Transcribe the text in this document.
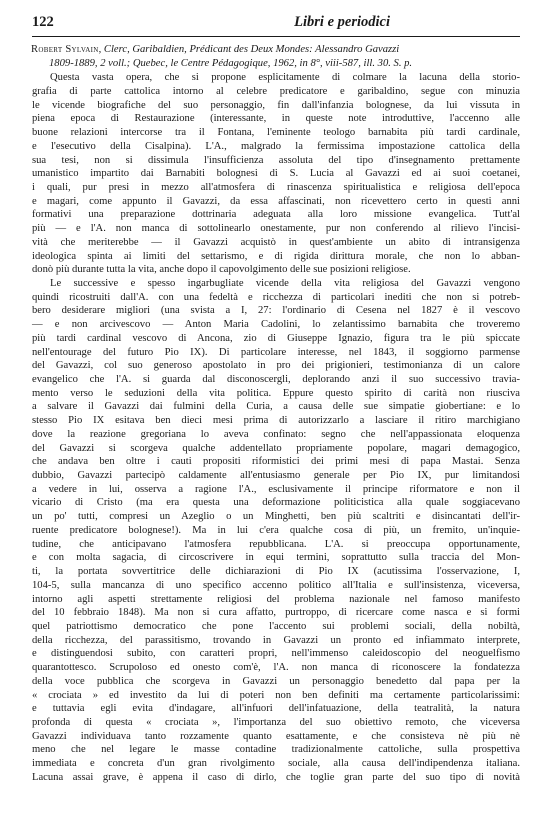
122	Libri e periodici

Robert Sylvain, Clerc, Garibaldien, Prédicant des Deux Mondes: Alessandro Gavazzi
1809-1889, 2 voll.; Quebec, le Centre Pédagogique, 1962, in 8°, viii-587, ill. 30. S. p.

Questa vasta opera, che si propone esplicitamente di colmare la lacuna della storio-
grafia di parte cattolica intorno al celebre predicatore e garibaldino, segue con minuzia
le vicende biografiche del suo personaggio, fin dall'infanzia bolognese, da lui vissuta in
piena epoca di Restaurazione (interessante, in queste note introduttive, l'accenno alle
buone relazioni intercorse tra il Fontana, l'eminente teologo barnabita più tardi cardinale,
e l'esecutivo della Cisalpina). L'A., malgrado la fermissima impostazione cattolica della
sua tesi, non si dissimula l'insufficienza assoluta del tipo d'insegnamento prettamente
umanistico impartito dai Barnabiti bolognesi di S. Lucia al Gavazzi ed ai suoi coetanei,
i quali, pur presi in mezzo all'atmosfera di rinascenza spiritualistica e religiosa dell'epoca
e magari, come appunto il Gavazzi, da essa affascinati, non ricevettero certo in questi anni
formativi una preparazione dottrinaria adeguata alla loro missione evangelica. Tutt'al
più — e l'A. non manca di sottolinearlo onestamente, pur non conferendo al rilievo l'incisi-
vità che meriterebbe — il Gavazzi acquistò in quest'ambiente un abito di intransigenza
ideologica spinta ai limiti del settarismo, e di rigida dirittura morale, che non lo abban-
donò più durante tutta la vita, anche dopo il capovolgimento delle sue posizioni religiose.
Le successive e spesso ingarbugliate vicende della vita religiosa del Gavazzi vengono
quindi ricostruiti dall'A. con una fedeltà e ricchezza di particolari inediti che non si potreb-
bero desiderare migliori (una svista a I, 27: l'ordinario di Cesena nel 1827 è il vescovo
— e non arcivescovo — Anton Maria Cadolini, lo zelantissimo barnabita che troveremo
più tardi cardinal vescovo di Ancona, zio di Giuseppe Ignazio, figura tra le più spiccate
nell'entourage del futuro Pio IX). Di particolare interesse, nel 1843, il soggiorno parmense
del Gavazzi, col suo generoso apostolato in pro dei prigionieri, testimonianza di un calore
evangelico che l'A. si guarda dal disconoscergli, deplorando anzi il suo successivo travia-
mento verso le seduzioni della vita politica. Eppure questo spirito di carità non riusciva
a salvare il Gavazzi dai fulmini della Curia, a causa delle sue simpatie giobertiane: e lo
stesso Pio IX esitava ben dieci mesi prima di autorizzarlo a lasciare il ritiro marchigiano
dove la reazione gregoriana lo aveva confinato: segno che nell'appassionata eloquenza
del Gavazzi si scorgeva qualche addentellato propriamente popolare, magari demagogico,
che andava ben oltre i cauti propositi riformistici dei primi mesi di papa Mastai. Senza
dubbio, Gavazzi partecipò caldamente all'entusiasmo generale per Pio IX, pur limitandosi
a vedere in lui, osserva a ragione l'A., esclusivamente il principe riformatore e non il
vicario di Cristo (ma era questa una deformazione politicistica alla quale soggiacevano
un po' tutti, compresi un Azeglio o un Minghetti, ben più scaltriti e disincantati dell'ir-
ruente predicatore bolognese!). Ma in lui c'era qualche cosa di più, un fremito, un'inquie-
tudine, che anticipavano l'atmosfera repubblicana. L'A. si preoccupa opportunamente,
e con molta sagacia, di circoscrivere in equi termini, soprattutto sulla traccia del Mon-
ti, la portata sovvertitrice delle dichiarazioni di Pio IX (acutissima l'osservazione, I,
104-5, sulla mancanza di uno specifico accenno politico all'Italia e sull'insistenza, viceversa,
intorno agli aspetti strettamente religiosi del problema nazionale nel famoso manifesto
del 10 febbraio 1848). Ma non si cura affatto, purtroppo, di ricercare come nasca e si formi
quel patriottismo democratico che pone l'accento sui problemi sociali, della nobiltà,
della ricchezza, del parassitismo, trovando in Gavazzi un pronto ed infiammato interprete,
e distinguendosi subito, con caratteri propri, nell'immenso caleidoscopio del neoguelfismo
quarantottesco. Scrupoloso ed onesto com'è, l'A. non manca di riconoscere la fondatezza
della voce pubblica che scorgeva in Gavazzi un personaggio benedetto dal papa per la
« crociata » ed investito da lui di poteri non ben definiti ma certamente particolarissimi:
e tuttavia egli evita d'indagare, all'infuori dell'infatuazione, della teatralità, la natura
profonda di questa « crociata », l'importanza del suo obiettivo remoto, che viceversa
Gavazzi individuava tanto rozzamente quanto esattamente, e che consisteva nè più nè
meno che nel legare le masse contadine tradizionalmente cattoliche, sulla prospettiva
immediata e concreta d'un gran rivolgimento sociale, alla causa dell'indipendenza italiana.
Lacuna assai grave, è appena il caso di dirlo, che toglie gran parte del suo tipo di novità
